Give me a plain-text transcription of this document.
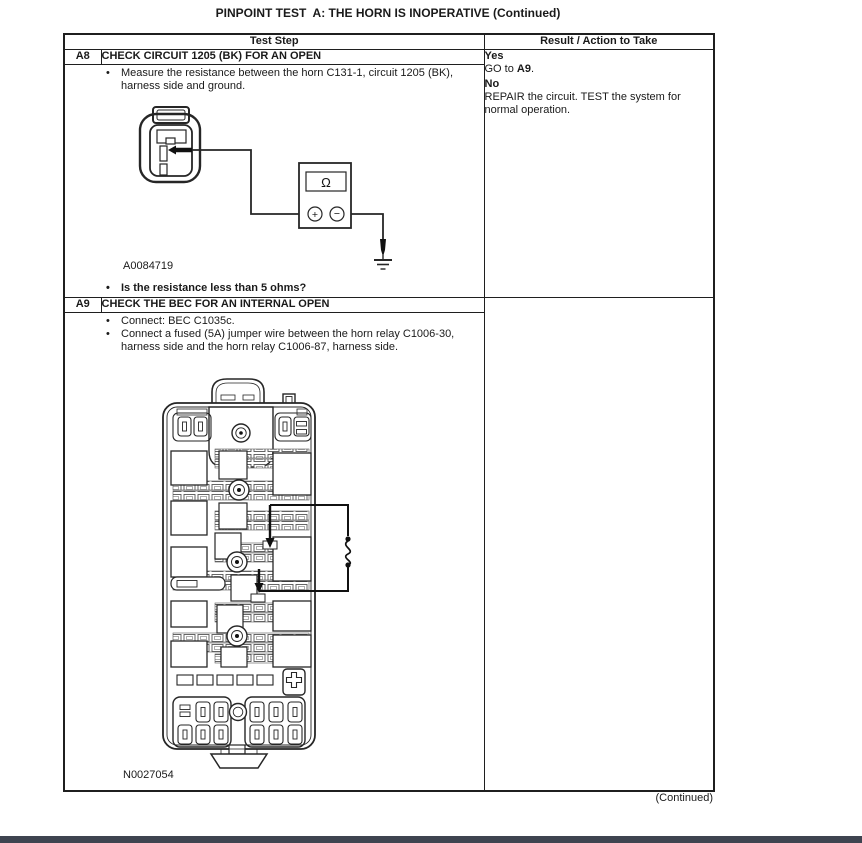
PINPOINT TEST  A: THE HORN IS INOPERATIVE (Continued)
Test Step		Result / Action to Take
A8	CHECK CIRCUIT 1205 (BK) FOR AN OPEN	Yes
GO to A9.
No
REPAIR the circuit. TEST the system for normal operation.

•	Measure the resistance between the horn C131-1, circuit 1205 (BK), harness side and ground.
Ω
+ −
A0084719
•	Is the resistance less than 5 ohms?

A9	CHECK THE BEC FOR AN INTERNAL OPEN	

• Connect: BEC C1035c.
• Connect a fused (5A) jumper wire between the horn relay C1006-30, harness side and the horn relay C1006-87, harness side.
N0027054		
(Continued)
